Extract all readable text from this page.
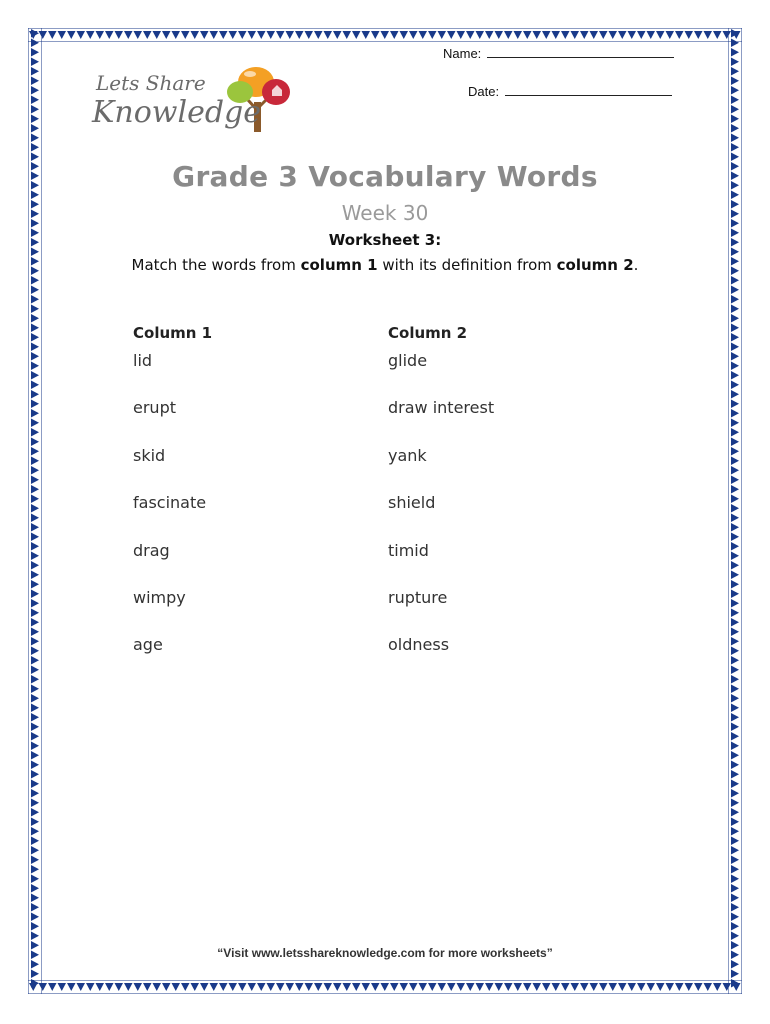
Name:
Date:
Lets Share
Knowledge
Grade 3 Vocabulary Words
Week 30
Worksheet 3:
Match the words from column 1 with its definition from column 2.
Column 1	Column 2
lid
erupt
skid
fascinate
drag
wimpy
age
glide
draw interest
yank
shield
timid
rupture
oldness
“Visit www.letsshareknowledge.com for more worksheets”
